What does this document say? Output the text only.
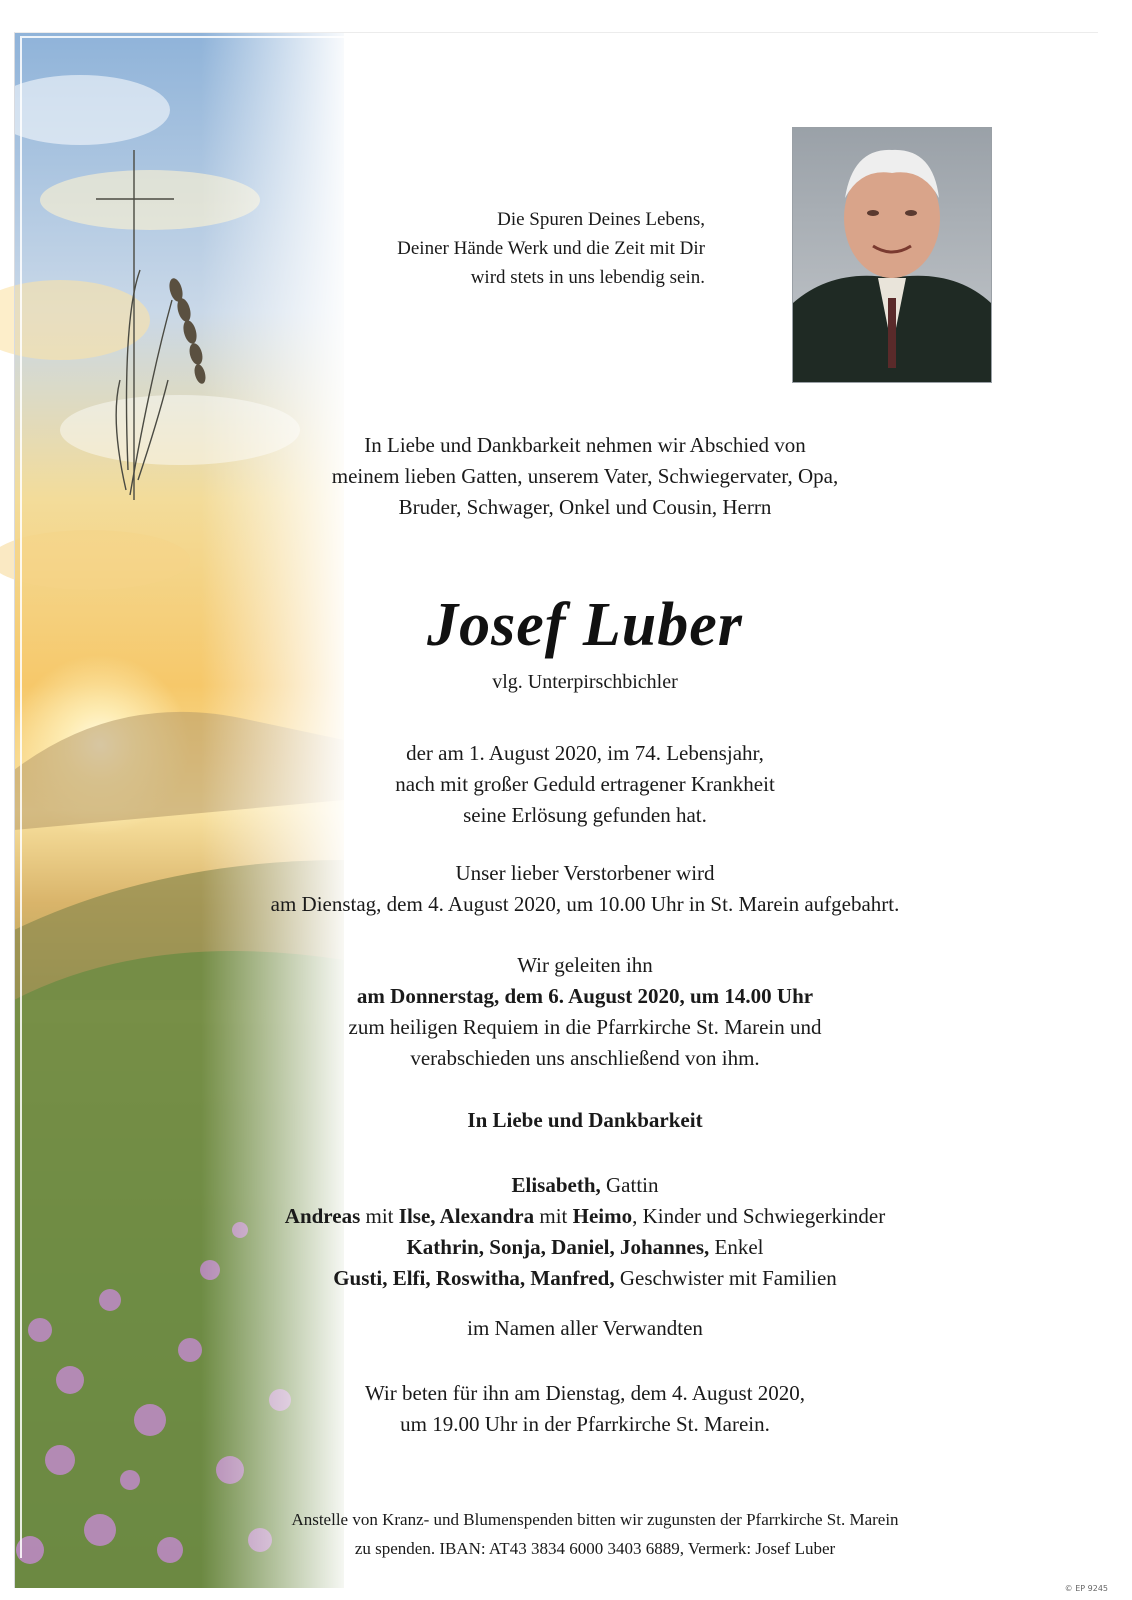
Die Spuren Deines Lebens,

Deiner Hände Werk und die Zeit mit Dir

wird stets in uns lebendig sein.

In Liebe und Dankbarkeit nehmen wir Abschied von

meinem lieben Gatten, unserem Vater, Schwiegervater, Opa,

Bruder, Schwager, Onkel und Cousin, Herrn

Josef Luber
vlg. Unterpirschbichler

der am 1. August 2020, im 74. Lebensjahr,

nach mit großer Geduld ertragener Krankheit

seine Erlösung gefunden hat.

Unser lieber Verstorbener wird

am Dienstag, dem 4. August 2020, um 10.00 Uhr in St. Marein aufgebahrt.

Wir geleiten ihn

am Donnerstag, dem 6. August 2020, um 14.00 Uhr

zum heiligen Requiem in die Pfarrkirche St. Marein und

verabschieden uns anschließend von ihm.

In Liebe und Dankbarkeit

Elisabeth, Gattin

Andreas mit Ilse, Alexandra mit Heimo, Kinder und Schwiegerkinder

Kathrin, Sonja, Daniel, Johannes, Enkel

Gusti, Elfi, Roswitha, Manfred, Geschwister mit Familien

im Namen aller Verwandten

Wir beten für ihn am Dienstag, dem 4. August 2020,

um 19.00 Uhr in der Pfarrkirche St. Marein.

Anstelle von Kranz- und Blumenspenden bitten wir zugunsten der Pfarrkirche St. Marein

zu spenden. IBAN: AT43 3834 6000 3403 6889, Vermerk: Josef Luber

© EP 9245
